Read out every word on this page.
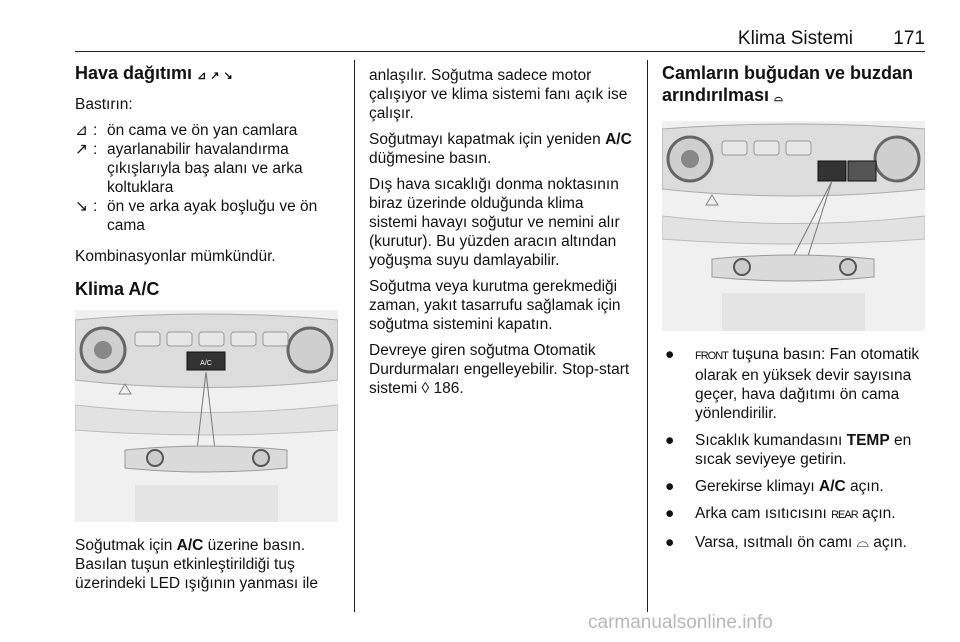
Klima Sistemi 171
Hava dağıtımı ⊿ ↗ ↘

Bastırın:

⊿ : ön cama ve ön yan camlara
↗ : ayarlanabilir havalandırma çıkışlarıyla baş alanı ve arka koltuklara
↘ : ön ve arka ayak boşluğu ve ön cama

Kombinasyonlar mümkündür.

Klima A/C
A/C

Soğutmak için A/C üzerine basın. Basılan tuşun etkinleştirildiği tuş üzerindeki LED ışığının yanması ile

anlaşılır. Soğutma sadece motor çalışıyor ve klima sistemi fanı açık ise çalışır.

Soğutmayı kapatmak için yeniden A/C düğmesine basın.

Dış hava sıcaklığı donma noktasının biraz üzerinde olduğunda klima sistemi havayı soğutur ve nemini alır (kurutur). Bu yüzden aracın altından yoğuşma suyu damlayabilir.

Soğutma veya kurutma gerekmediği zaman, yakıt tasarrufu sağlamak için soğutma sistemini kapatın.

Devreye giren soğutma Otomatik Durdurmaları engelleyebilir. Stop-start sistemi ◊ 186.

Camların buğudan ve buzdan arındırılması ⌓
●	FRONT tuşuna basın: Fan otomatik olarak en yüksek devir sayısına geçer, hava dağıtımı ön cama yönlendirilir.
●	Sıcaklık kumandasını TEMP en sıcak seviyeye getirin.
●	Gerekirse klimayı A/C açın.
●	Arka cam ısıtıcısını REAR açın.
●	Varsa, ısıtmalı ön camı ⌓ açın.
carmanualsonline.info
